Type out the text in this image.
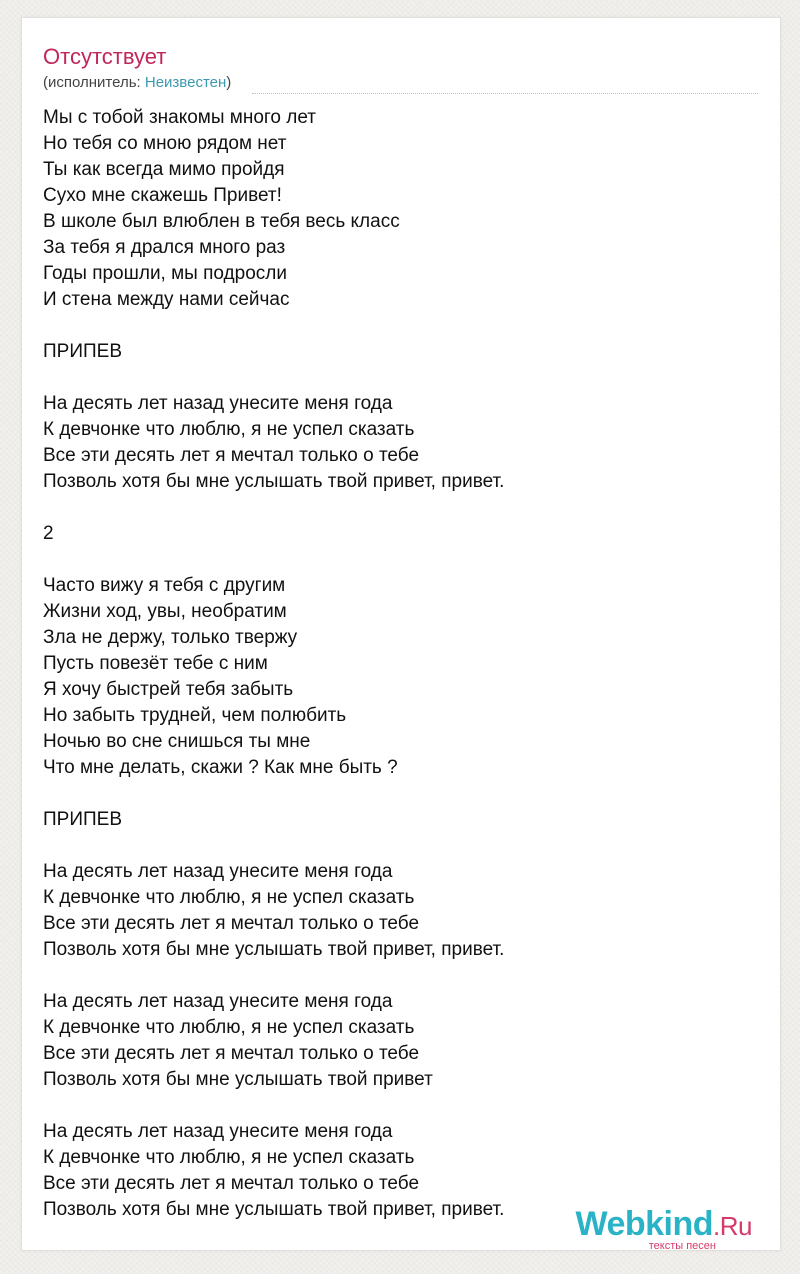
Отсутствует
(исполнитель: Неизвестен)
Мы с тобой знакомы много лет
Но тебя со мною рядом нет
Ты как всегда мимо пройдя
Сухо мне скажешь Привет!
В школе был влюблен в тебя весь класс
За тебя я дрался много раз
Годы прошли, мы подросли
И стена между нами сейчас
ПРИПЕВ
На десять лет назад унесите меня года
К девчонке что люблю, я не успел сказать
Все эти десять лет я мечтал только о тебе
Позволь хотя бы мне услышать твой привет, привет.
2
Часто вижу я тебя с другим
Жизни ход, увы, необратим
Зла не держу, только твержу
Пусть повезёт тебе с ним
Я хочу быстрей тебя забыть
Но забыть трудней, чем полюбить
Ночью во сне снишься ты мне
Что мне делать, скажи ? Как мне быть ?
ПРИПЕВ
На десять лет назад унесите меня года
К девчонке что люблю, я не успел сказать
Все эти десять лет я мечтал только о тебе
Позволь хотя бы мне услышать твой привет, привет.
На десять лет назад унесите меня года
К девчонке что люблю, я не успел сказать
Все эти десять лет я мечтал только о тебе
Позволь хотя бы мне услышать твой привет
На десять лет назад унесите меня года
К девчонке что люблю, я не успел сказать
Все эти десять лет я мечтал только о тебе
Позволь хотя бы мне услышать твой привет, привет.	Webkind.Ru
тексты песен
